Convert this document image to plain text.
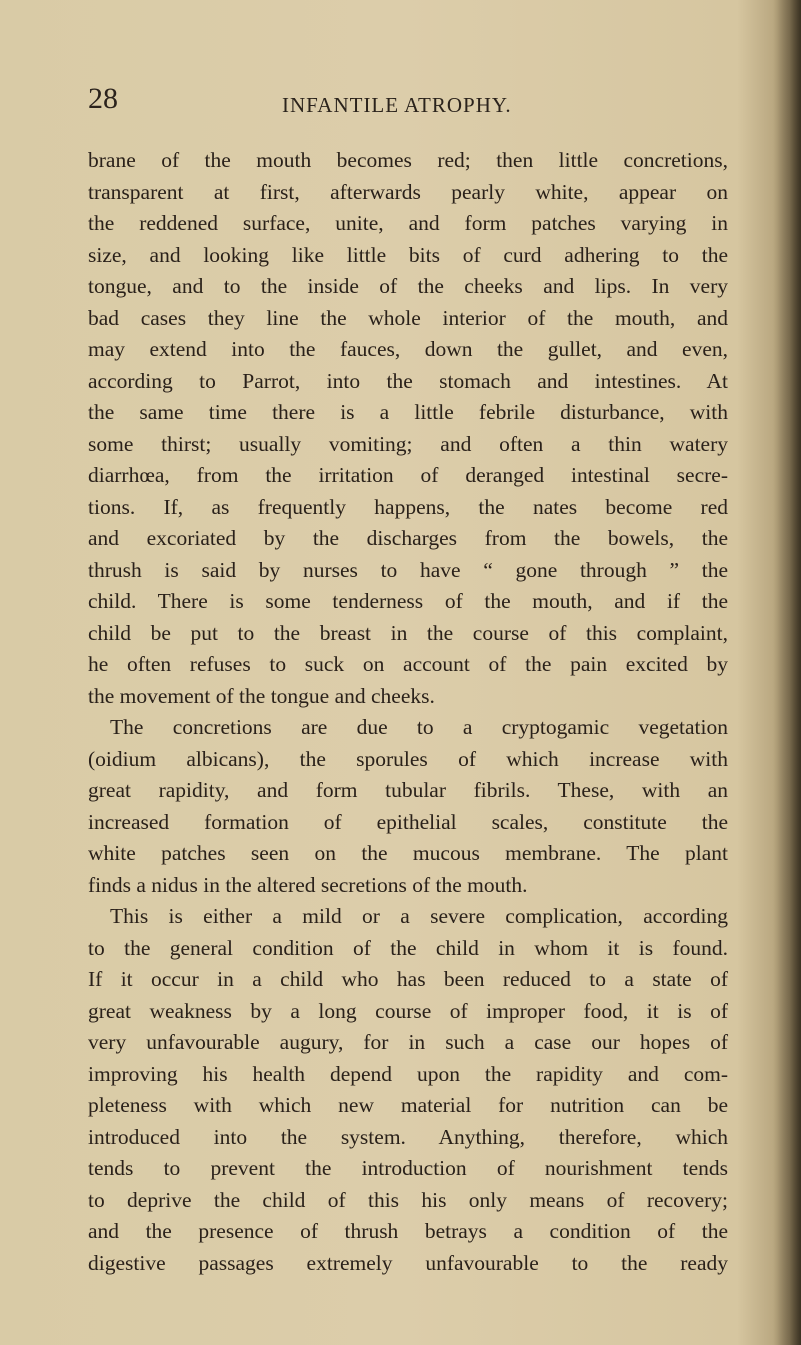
28	INFANTILE ATROPHY.
brane of the mouth becomes red; then little concretions,
transparent at first, afterwards pearly white, appear on
the reddened surface, unite, and form patches varying in
size, and looking like little bits of curd adhering to the
tongue, and to the inside of the cheeks and lips. In very
bad cases they line the whole interior of the mouth, and
may extend into the fauces, down the gullet, and even,
according to Parrot, into the stomach and intestines. At
the same time there is a little febrile disturbance, with
some thirst; usually vomiting; and often a thin watery
diarrhœa, from the irritation of deranged intestinal secre-
tions. If, as frequently happens, the nates become red
and excoriated by the discharges from the bowels, the
thrush is said by nurses to have “ gone through ” the
child. There is some tenderness of the mouth, and if the
child be put to the breast in the course of this complaint,
he often refuses to suck on account of the pain excited by
the movement of the tongue and cheeks.
The concretions are due to a cryptogamic vegetation
(oidium albicans), the sporules of which increase with
great rapidity, and form tubular fibrils. These, with an
increased formation of epithelial scales, constitute the
white patches seen on the mucous membrane. The plant
finds a nidus in the altered secretions of the mouth.
This is either a mild or a severe complication, according
to the general condition of the child in whom it is found.
If it occur in a child who has been reduced to a state of
great weakness by a long course of improper food, it is of
very unfavourable augury, for in such a case our hopes of
improving his health depend upon the rapidity and com-
pleteness with which new material for nutrition can be
introduced into the system. Anything, therefore, which
tends to prevent the introduction of nourishment tends
to deprive the child of this his only means of recovery;
and the presence of thrush betrays a condition of the
digestive passages extremely unfavourable to the ready
